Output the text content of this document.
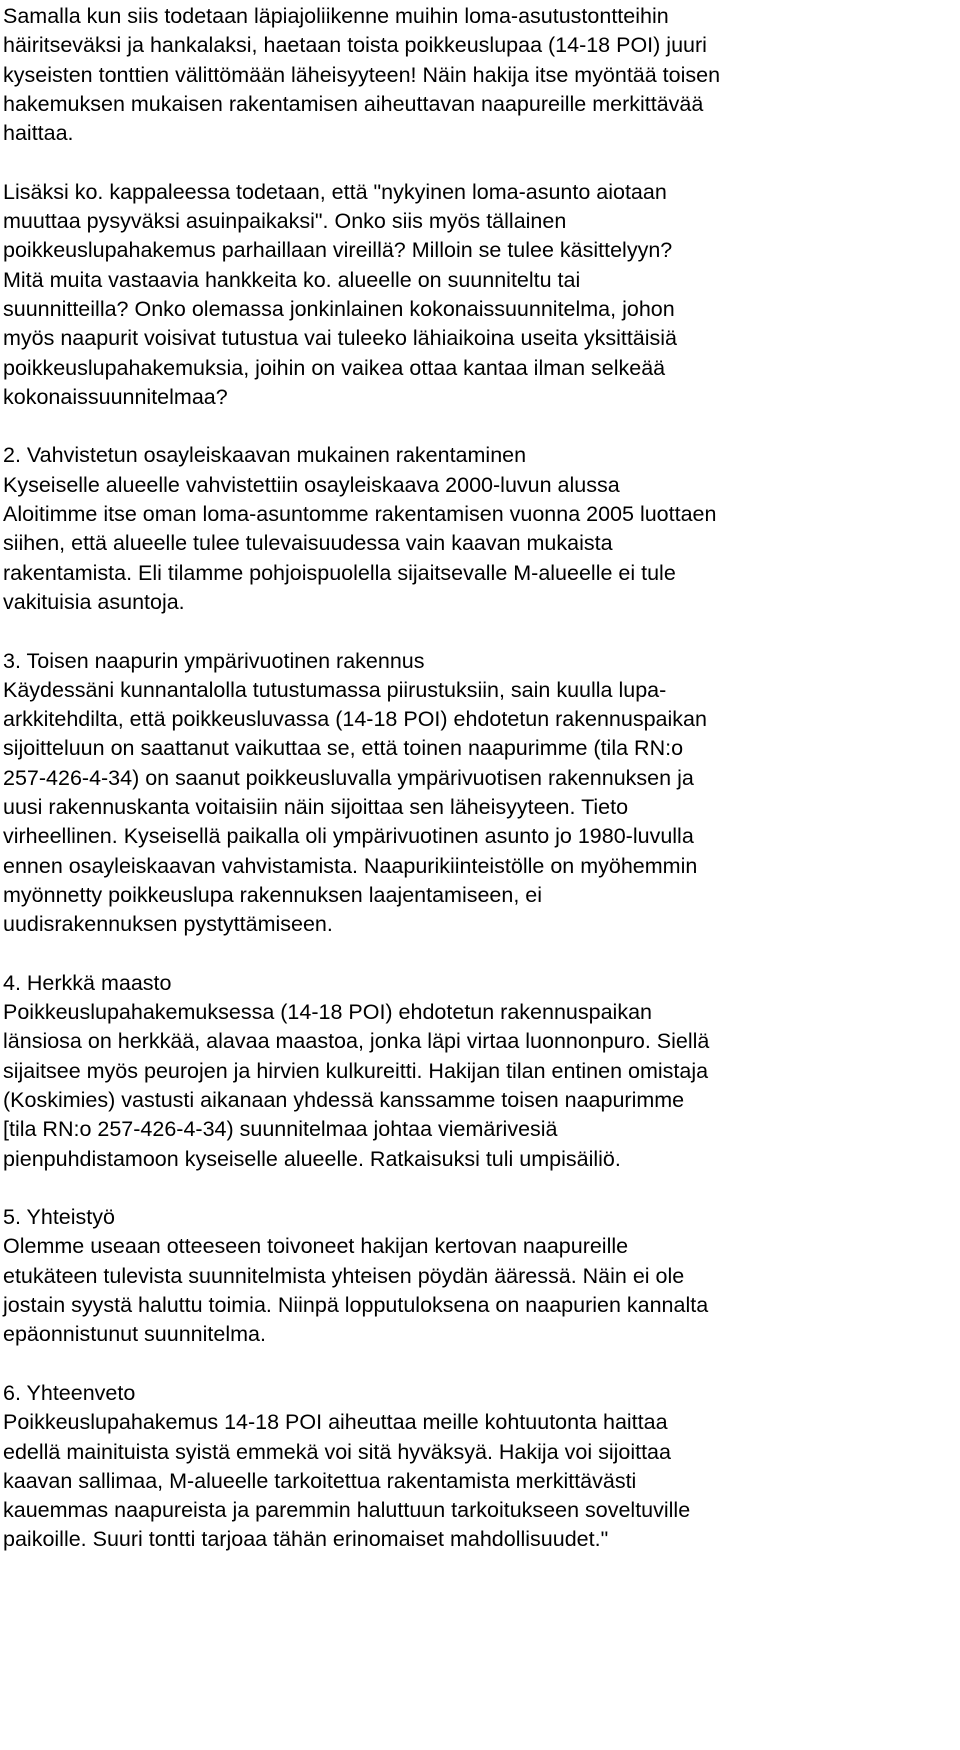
Samalla kun siis todetaan läpiajoliikenne muihin loma-asutustontteihin
häiritseväksi ja hankalaksi, haetaan toista poikkeuslupaa (14-18 POI) juuri
kyseisten tonttien välittömään läheisyyteen! Näin hakija itse myöntää toisen
hakemuksen mukaisen rakentamisen aiheuttavan naapureille merkittävää
haittaa.
Lisäksi ko. kappaleessa todetaan, että "nykyinen loma-asunto aiotaan
muuttaa pysyväksi asuinpaikaksi". Onko siis myös tällainen
poikkeuslupahakemus parhaillaan vireillä? Milloin se tulee käsittelyyn?
Mitä muita vastaavia hankkeita ko. alueelle on suunniteltu tai
suunnitteilla? Onko olemassa jonkinlainen kokonaissuunnitelma, johon
myös naapurit voisivat tutustua vai tuleeko lähiaikoina useita yksittäisiä
poikkeuslupahakemuksia, joihin on vaikea ottaa kantaa ilman selkeää
kokonaissuunnitelmaa?
2. Vahvistetun osayleiskaavan mukainen rakentaminen
Kyseiselle alueelle vahvistettiin osayleiskaava 2000-luvun alussa
Aloitimme itse oman loma-asuntomme rakentamisen vuonna 2005 luottaen
siihen, että alueelle tulee tulevaisuudessa vain kaavan mukaista
rakentamista. Eli tilamme pohjoispuolella sijaitsevalle M-alueelle ei tule
vakituisia asuntoja.
3. Toisen naapurin ympärivuotinen rakennus
Käydessäni kunnantalolla tutustumassa piirustuksiin, sain kuulla lupa-
arkkitehdilta, että poikkeusluvassa (14-18 POI) ehdotetun rakennuspaikan
sijoitteluun on saattanut vaikuttaa se, että toinen naapurimme (tila RN:o
257-426-4-34) on saanut poikkeusluvalla ympärivuotisen rakennuksen ja
uusi rakennuskanta voitaisiin näin sijoittaa sen läheisyyteen. Tieto
virheellinen. Kyseisellä paikalla oli ympärivuotinen asunto jo 1980-luvulla
ennen osayleiskaavan vahvistamista. Naapurikiinteistölle on myöhemmin
myönnetty poikkeuslupa rakennuksen laajentamiseen, ei
uudisrakennuksen pystyttämiseen.
4. Herkkä maasto
Poikkeuslupahakemuksessa (14-18 POI) ehdotetun rakennuspaikan
länsiosa on herkkää, alavaa maastoa, jonka läpi virtaa luonnonpuro. Siellä
sijaitsee myös peurojen ja hirvien kulkureitti. Hakijan tilan entinen omistaja
(Koskimies) vastusti aikanaan yhdessä kanssamme toisen naapurimme
[tila RN:o 257-426-4-34) suunnitelmaa johtaa viemärivesiä
pienpuhdistamoon kyseiselle alueelle. Ratkaisuksi tuli umpisäiliö.
5. Yhteistyö
Olemme useaan otteeseen toivoneet hakijan kertovan naapureille
etukäteen tulevista suunnitelmista yhteisen pöydän ääressä. Näin ei ole
jostain syystä haluttu toimia. Niinpä lopputuloksena on naapurien kannalta
epäonnistunut suunnitelma.
6. Yhteenveto
Poikkeuslupahakemus 14-18 POI aiheuttaa meille kohtuutonta haittaa
edellä mainituista syistä emmekä voi sitä hyväksyä. Hakija voi sijoittaa
kaavan sallimaa, M-alueelle tarkoitettua rakentamista merkittävästi
kauemmas naapureista ja paremmin haluttuun tarkoitukseen soveltuville
paikoille. Suuri tontti tarjoaa tähän erinomaiset mahdollisuudet."
